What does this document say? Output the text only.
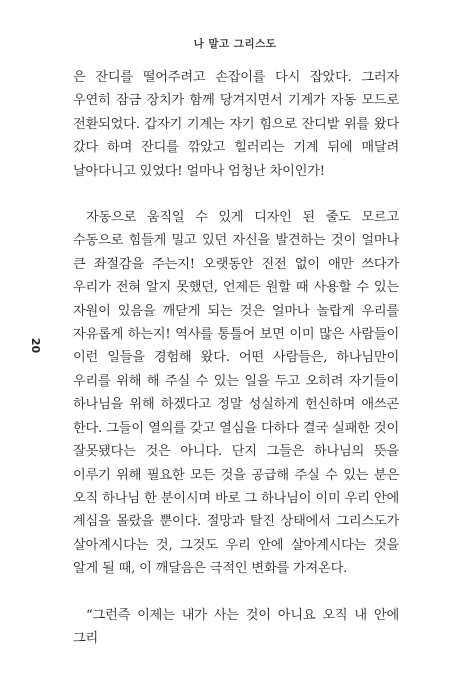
나 말고 그리스도
20

은 잔디를 떨어주려고 손잡이를 다시 잡았다. 그러자 우연히 잠금 장치가 함께 당겨지면서 기계가 자동 모드로 전환되었다. 갑자기 기계는 자기 힘으로 잔디밭 위를 왔다 갔다 하며 잔디를 깎았고 힐러리는 기계 뒤에 매달려 날아다니고 있었다! 얼마나 엄청난 차이인가!

자동으로 움직일 수 있게 디자인 된 줄도 모르고 수동으로 힘들게 밀고 있던 자신을 발견하는 것이 얼마나 큰 좌절감을 주는지! 오랫동안 진전 없이 애만 쓰다가 우리가 전혀 알지 못했던, 언제든 원할 때 사용할 수 있는 자원이 있음을 깨닫게 되는 것은 얼마나 놀랍게 우리를 자유롭게 하는지! 역사를 통틀어 보면 이미 많은 사람들이 이런 일들을 경험해 왔다. 어떤 사람들은, 하나님만이 우리를 위해 해 주실 수 있는 일을 두고 오히려 자기들이 하나님을 위해 하겠다고 정말 성실하게 헌신하며 애쓰곤 한다. 그들이 열의를 갖고 열심을 다하다 결국 실패한 것이 잘못됐다는 것은 아니다. 단지 그들은 하나님의 뜻을 이루기 위해 필요한 모든 것을 공급해 주실 수 있는 분은 오직 하나님 한 분이시며 바로 그 하나님이 이미 우리 안에 계심을 몰랐을 뿐이다. 절망과 탈진 상태에서 그리스도가 살아계시다는 것, 그것도 우리 안에 살아계시다는 것을 알게 될 때, 이 깨달음은 극적인 변화를 가져온다.

“그런즉 이제는 내가 사는 것이 아니요 오직 내 안에 그리
